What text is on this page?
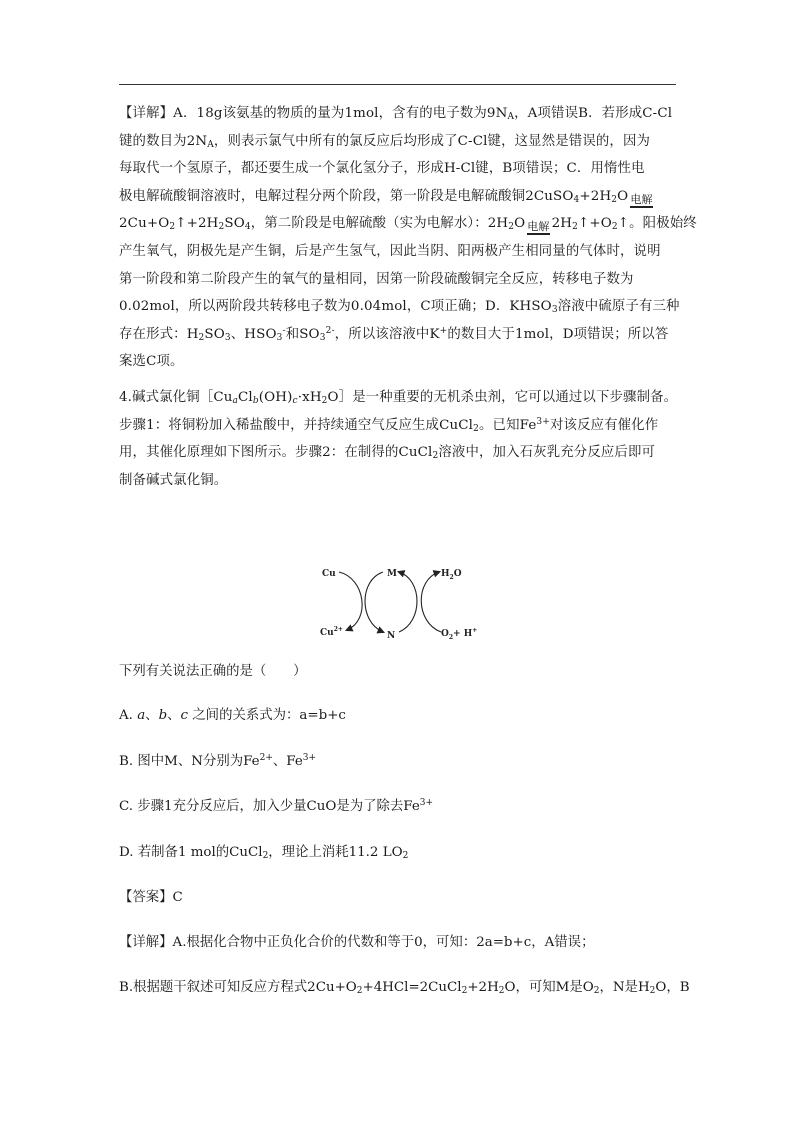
【详解】A．18g该氨基的物质的量为1mol，含有的电子数为$9N_A$，A项错误B．若形成C-Cl
键的数目为$2N_A$，则表示氯气中所有的氯反应后均形成了C-Cl键，这显然是错误的，因为
每取代一个氢原子，都还要生成一个氯化氢分子，形成H-Cl键，B项错误；C．用惰性电
极电解硫酸铜溶液时，电解过程分两个阶段，第一阶段是电解硫酸铜$2CuSO_4+2H_2O$ 电解
$2Cu+O_2↑+2H_2SO_4$，第二阶段是电解硫酸（实为电解水）：$2H_2O$ 电解 $2H_2↑+O_2↑$。阳极始终
产生氧气，阴极先是产生铜，后是产生氢气，因此当阴、阳两极产生相同量的气体时，说明
第一阶段和第二阶段产生的氧气的量相同，因第一阶段硫酸铜完全反应，转移电子数为
0.02mol，所以两阶段共转移电子数为0.04mol，C项正确；D．$KHSO_3$溶液中硫原子有三种
存在形式：$H_2SO_3$、$HSO_3^-$和$SO_3^{2-}$，所以该溶液中K+的数目大于1mol，D项错误；所以答
案选C项。

4.碱式氯化铜$[Cu_aCl_b(OH)_c\cdot xH_2O]$是一种重要的无机杀虫剂，它可以通过以下步骤制备。
步骤1：将铜粉加入稀盐酸中，并持续通空气反应生成CuCl$_2$。已知$Fe^{3+}$对该反应有催化作
用，其催化原理如下图所示。步骤2：在制得的CuCl$_2$溶液中，加入石灰乳充分反应后即可
制备碱式氯化铜。

Cu
$Cu^{2+}$
M
N
$H_2O$
$O_2+ H^+$

下列有关说法正确的是（　　）

A. a、b、c 之间的关系式为：a=b+c

B. 图中M、N分别为$Fe^{2+}$、$Fe^{3+}$

C. 步骤1充分反应后，加入少量CuO是为了除去$Fe^{3+}$

D. 若制备1 mol的CuCl$_2$，理论上消耗11.2 $LO_2$

【答案】C

【详解】A.根据化合物中正负化合价的代数和等于0，可知：2a=b+c，A错误；

B.根据题干叙述可知反应方程式$2Cu+O_2+4HCl=2CuCl_2+2H_2O$，可知M是$O_2$，N是$H_2O$，B
